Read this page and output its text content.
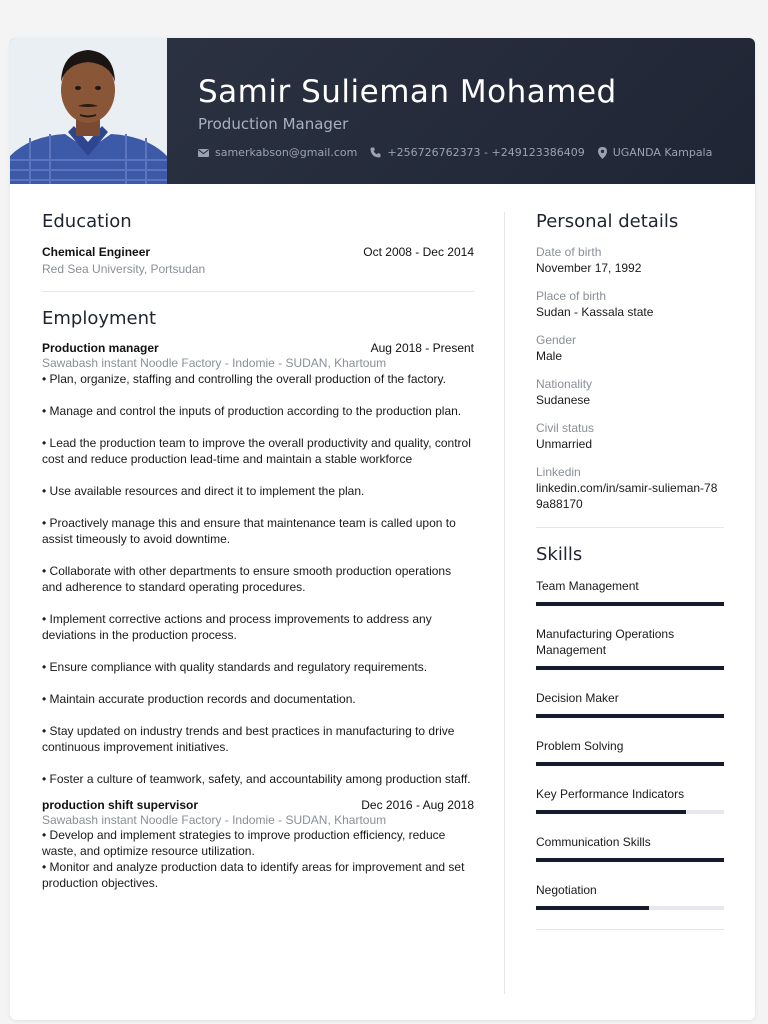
Samir Sulieman Mohamed
Production Manager
samerkabson@gmail.com	+256726762373 - +249123386409	UGANDA Kampala
Education
Chemical Engineer	Oct 2008 - Dec 2014
Red Sea University, Portsudan
Employment
Production manager	Aug 2018 - Present
Sawabash instant Noodle Factory - Indomie - SUDAN, Khartoum
• Plan, organize, staffing and controlling the overall production of the factory.
• Manage and control the inputs of production according to the production plan.
• Lead the production team to improve the overall productivity and quality, control cost and reduce production lead-time and maintain a stable workforce
• Use available resources and direct it to implement the plan.
• Proactively manage this and ensure that maintenance team is called upon to assist timeously to avoid downtime.
• Collaborate with other departments to ensure smooth production operations and adherence to standard operating procedures.
• Implement corrective actions and process improvements to address any deviations in the production process.
• Ensure compliance with quality standards and regulatory requirements.
• Maintain accurate production records and documentation.
• Stay updated on industry trends and best practices in manufacturing to drive continuous improvement initiatives.
• Foster a culture of teamwork, safety, and accountability among production staff.
production shift supervisor	Dec 2016 - Aug 2018
Sawabash instant Noodle Factory - Indomie - SUDAN, Khartoum
• Develop and implement strategies to improve production efficiency, reduce waste, and optimize resource utilization.
• Monitor and analyze production data to identify areas for improvement and set production objectives.
Personal details
Date of birth
November 17, 1992
Place of birth
Sudan - Kassala state
Gender
Male
Nationality
Sudanese
Civil status
Unmarried
Linkedin
linkedin.com/in/samir-sulieman-789a88170
Skills
Team Management
Manufacturing Operations Management
Decision Maker
Problem Solving
Key Performance Indicators
Communication Skills
Negotiation
